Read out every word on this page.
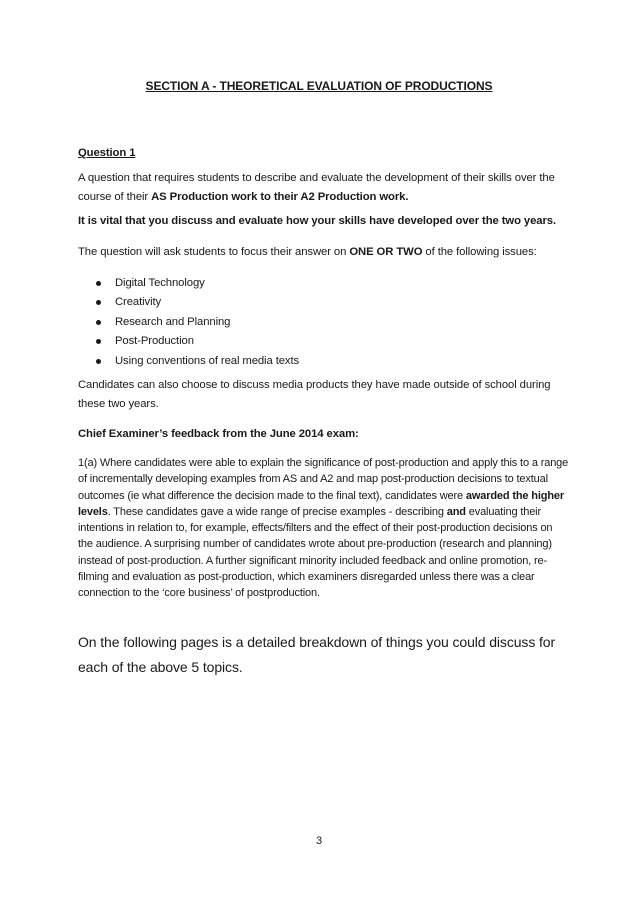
SECTION A - THEORETICAL EVALUATION OF PRODUCTIONS
Question 1
A question that requires students to describe and evaluate the development of their skills over the course of their AS Production work to their A2 Production work.
It is vital that you discuss and evaluate how your skills have developed over the two years.
The question will ask students to focus their answer on ONE OR TWO of the following issues:
Digital Technology
Creativity
Research and Planning
Post-Production
Using conventions of real media texts
Candidates can also choose to discuss media products they have made outside of school during these two years.
Chief Examiner’s feedback from the June 2014 exam:
1(a) Where candidates were able to explain the significance of post-production and apply this to a range of incrementally developing examples from AS and A2 and map post-production decisions to textual outcomes (ie what difference the decision made to the final text), candidates were awarded the higher levels. These candidates gave a wide range of precise examples - describing and evaluating their intentions in relation to, for example, effects/filters and the effect of their post-production decisions on the audience. A surprising number of candidates wrote about pre-production (research and planning) instead of post-production. A further significant minority included feedback and online promotion, re-filming and evaluation as post-production, which examiners disregarded unless there was a clear connection to the ‘core business’ of postproduction.
On the following pages is a detailed breakdown of things you could discuss for each of the above 5 topics.
3
